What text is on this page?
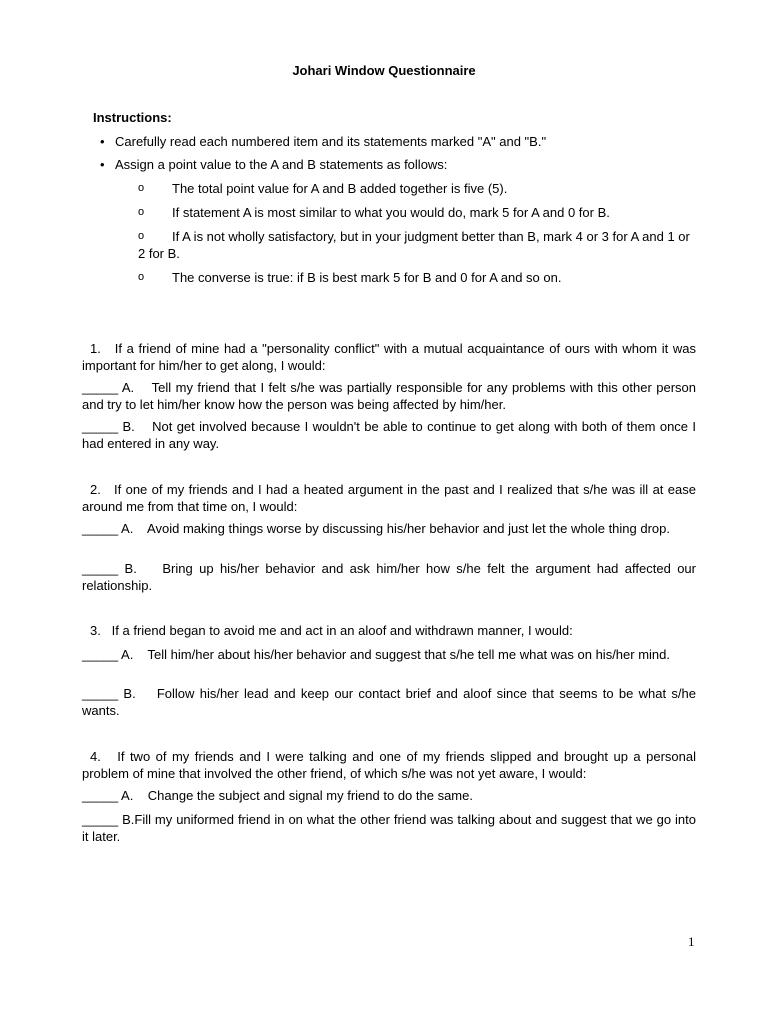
Johari Window Questionnaire
Instructions:
• Carefully read each numbered item and its statements marked "A" and "B."
• Assign a point value to the A and B statements as follows:
o	The total point value for A and B added together is five (5).
o	If statement A is most similar to what you would do, mark 5 for A and 0 for B.
o	If A is not wholly satisfactory, but in your judgment better than B, mark 4 or 3 for A and 1 or 2 for B.
o	The converse is true: if B is best mark 5 for B and 0 for A and so on.
1.   If a friend of mine had a "personality conflict" with a mutual acquaintance of ours with whom it was important for him/her to get along, I would:
_____ A.    Tell my friend that I felt s/he was partially responsible for any problems with this other person and try to let him/her know how the person was being affected by him/her.
_____ B.    Not get involved because I wouldn't be able to continue to get along with both of them once I had entered in any way.
2.   If one of my friends and I had a heated argument in the past and I realized that s/he was ill at ease around me from that time on, I would:
_____ A.    Avoid making things worse by discussing his/her behavior and just let the whole thing drop.
_____ B.    Bring up his/her behavior and ask him/her how s/he felt the argument had affected our relationship.
3.   If a friend began to avoid me and act in an aloof and withdrawn manner, I would:
_____ A.    Tell him/her about his/her behavior and suggest that s/he tell me what was on his/her mind.
_____ B.    Follow his/her lead and keep our contact brief and aloof since that seems to be what s/he wants.
4.   If two of my friends and I were talking and one of my friends slipped and brought up a personal problem of mine that involved the other friend, of which s/he was not yet aware, I would:
_____ A.    Change the subject and signal my friend to do the same.
_____ B.Fill my uniformed friend in on what the other friend was talking about and suggest that we go into it later.
1
